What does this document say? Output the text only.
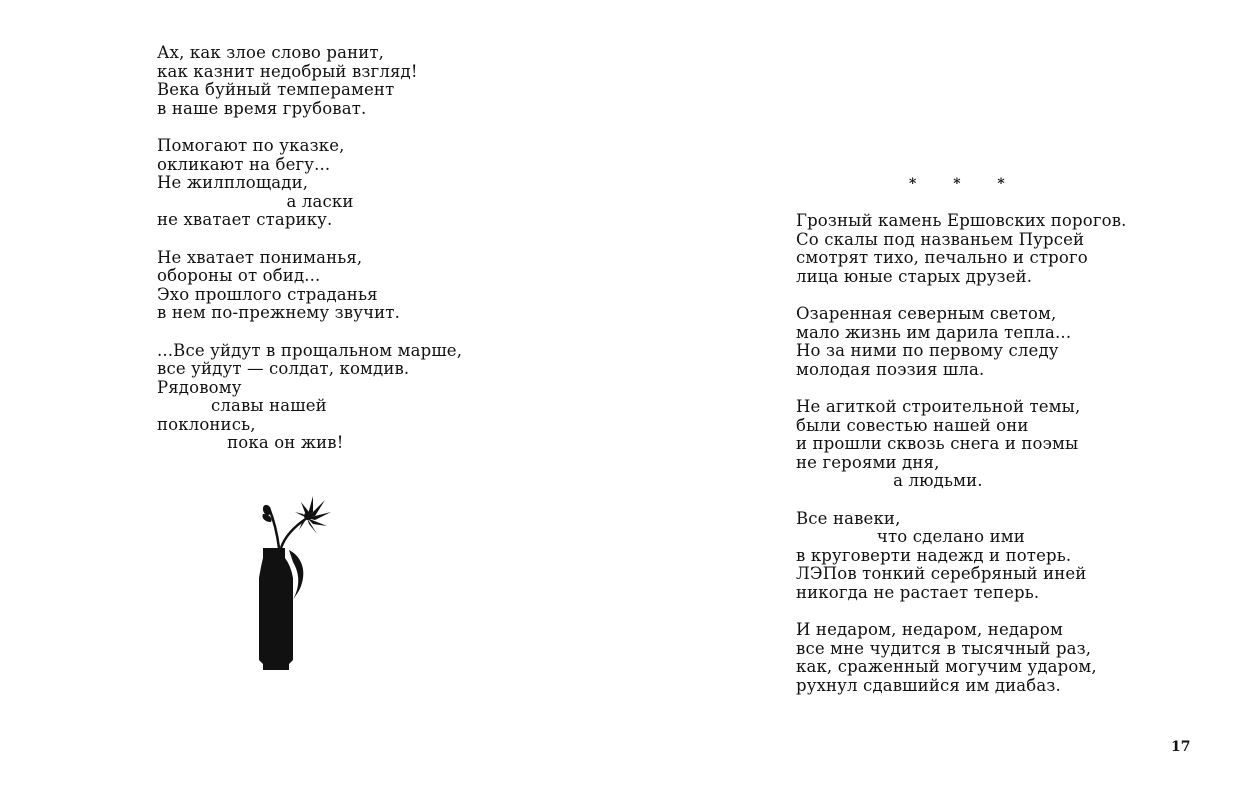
Ах, как злое слово ранит,
как казнит недобрый взгляд!
Века буйный темперамент
в наше время грубоват.
Помогают по указке,
окликают на бегу...
Не жилплощади,
а ласки
не хватает старику.
Не хватает пониманья,
обороны от обид...
Эхо прошлого страданья
в нем по-прежнему звучит.
...Все уйдут в прощальном марше,
все уйдут — солдат, комдив.
Рядовому
славы нашей
поклонись,
пока он жив!
* * *
Грозный камень Ершовских порогов.
Со скалы под названьем Пурсей
смотрят тихо, печально и строго
лица юные старых друзей.
Озаренная северным светом,
мало жизнь им дарила тепла...
Но за ними по первому следу
молодая поэзия шла.
Не агиткой строительной темы,
были совестью нашей они
и прошли сквозь снега и поэмы
не героями дня,
а людьми.
Все навеки,
что сделано ими
в круговерти надежд и потерь.
ЛЭПов тонкий серебряный иней
никогда не растает теперь.
И недаром, недаром, недаром
все мне чудится в тысячный раз,
как, сраженный могучим ударом,
рухнул сдавшийся им диабаз.
17
